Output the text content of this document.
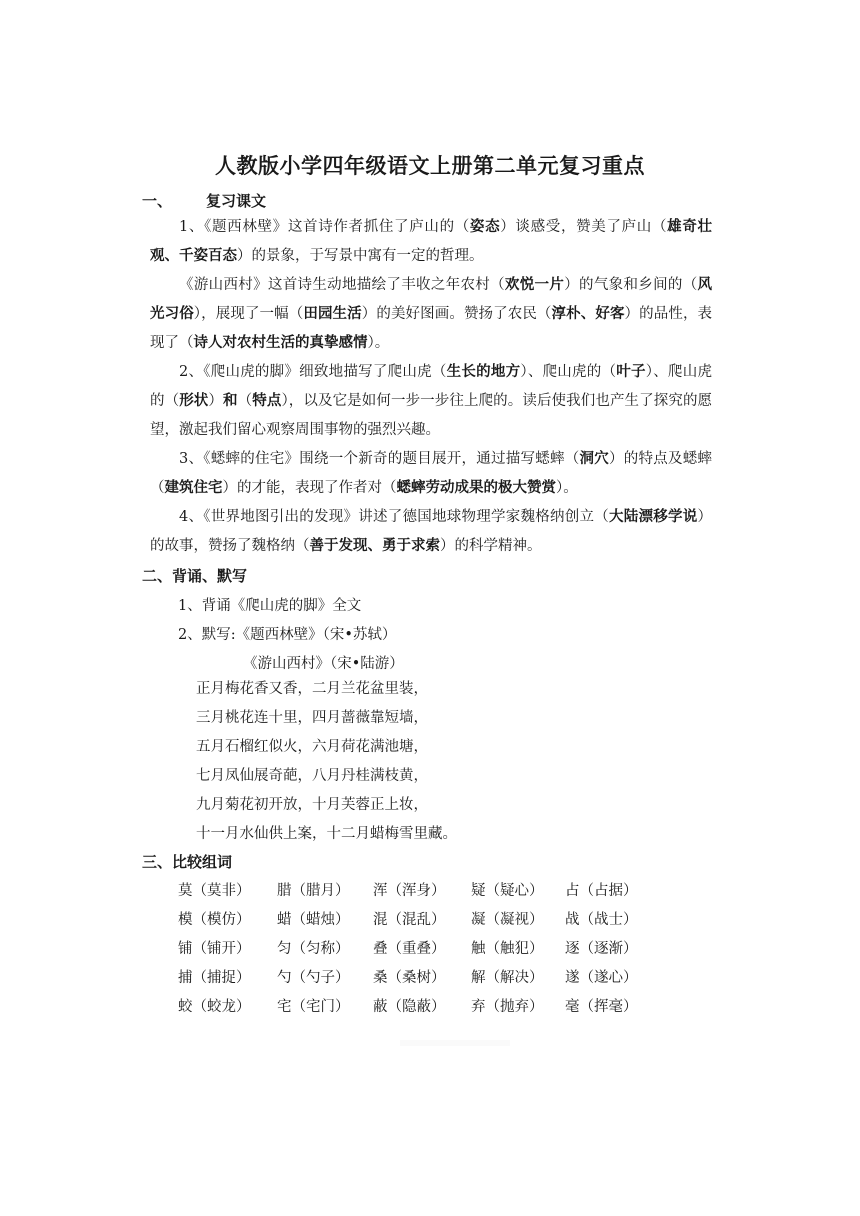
人教版小学四年级语文上册第二单元复习重点
一、 复习课文

1、《题西林壁》这首诗作者抓住了庐山的（姿态）谈感受，赞美了庐山（雄奇壮观、千姿百态）的景象，于写景中寓有一定的哲理。

《游山西村》这首诗生动地描绘了丰收之年农村（欢悦一片）的气象和乡间的（风光习俗），展现了一幅（田园生活）的美好图画。赞扬了农民（淳朴、好客）的品性，表现了（诗人对农村生活的真挚感情）。

2、《爬山虎的脚》细致地描写了爬山虎（生长的地方）、爬山虎的（叶子）、爬山虎的（形状）和（特点），以及它是如何一步一步往上爬的。读后使我们也产生了探究的愿望，激起我们留心观察周围事物的强烈兴趣。

3、《蟋蟀的住宅》围绕一个新奇的题目展开，通过描写蟋蟀（洞穴）的特点及蟋蟀（建筑住宅）的才能，表现了作者对（蟋蟀劳动成果的极大赞赏）。

4、《世界地图引出的发现》讲述了德国地球物理学家魏格纳创立（大陆漂移学说）的故事，赞扬了魏格纳（善于发现、勇于求索）的科学精神。

二、背诵、默写
1、背诵《爬山虎的脚》全文
2、默写:《题西林壁》（宋•苏轼）
《游山西村》（宋•陆游）
正月梅花香又香，二月兰花盆里装，
三月桃花连十里，四月蔷薇靠短墙，
五月石榴红似火，六月荷花满池塘，
七月凤仙展奇葩，八月丹桂满枝黄，
九月菊花初开放，十月芙蓉正上妆，
十一月水仙供上案，十二月蜡梅雪里藏。
三、比较组词
莫（莫非）	腊（腊月）	浑（浑身）	疑（疑心）	占（占据）
模（模仿）	蜡（蜡烛）	混（混乱）	凝（凝视）	战（战士）
铺（铺开）	匀（匀称）	叠（重叠）	触（触犯）	逐（逐渐）
捕（捕捉）	勺（勺子）	桑（桑树）	解（解决）	遂（遂心）
蛟（蛟龙）	宅（宅门）	蔽（隐蔽）	弃（抛弃）	毫（挥毫）
